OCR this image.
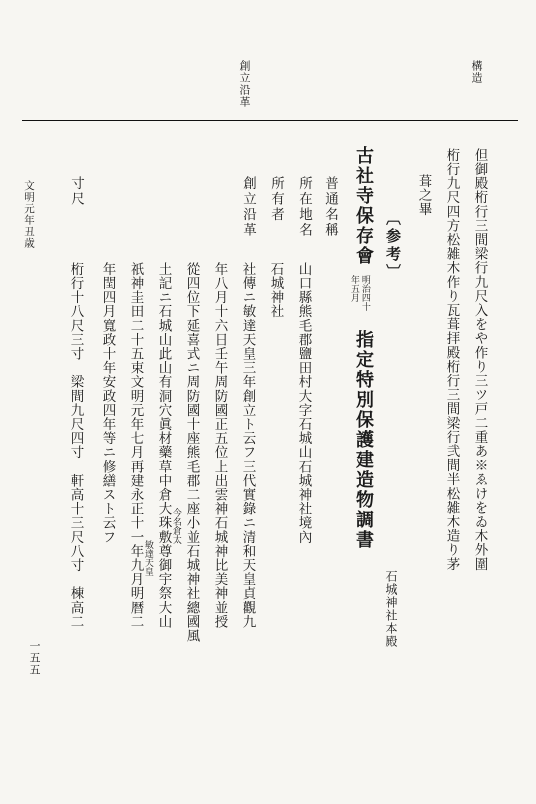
構造
創立沿革
但御殿桁行三間梁行九尺入をや作り三ツ戸二重あ※ゑけをゐ木外圍
桁行九尺四方松雑木作り瓦葺拝殿桁行三間梁行弐間半松雑木造り茅
葺之畢
〔参考〕
古社寺保存會
明治四十
年五月
指定特別保護建造物調書
石城神社本殿
普通名稱
所在地名
所有者
創立沿革
山口縣熊毛郡鹽田村大字石城山石城神社境內
石城神社
社傳ニ敏達天皇三年創立ト云フ三代實錄ニ清和天皇貞觀九
年八月十六日壬午周防國正五位上出雲神石城神比美神並授
從四位下延喜式ニ周防國十座熊毛郡二座小並石城神社總國風
土記ニ石城山此山有洞穴眞材藥草中倉大珠敷尊御宇祭大山
祇神圭田二十五束文明元年七月再建永正十一年九月明暦二
年閏四月寬政十年安政四年等ニ修繕スト云フ	今名倉太
敏達天皇
寸尺
桁行十八尺三寸　梁間九尺四寸　軒高十三尺八寸　棟高二
文明元年丑歳
一五五
